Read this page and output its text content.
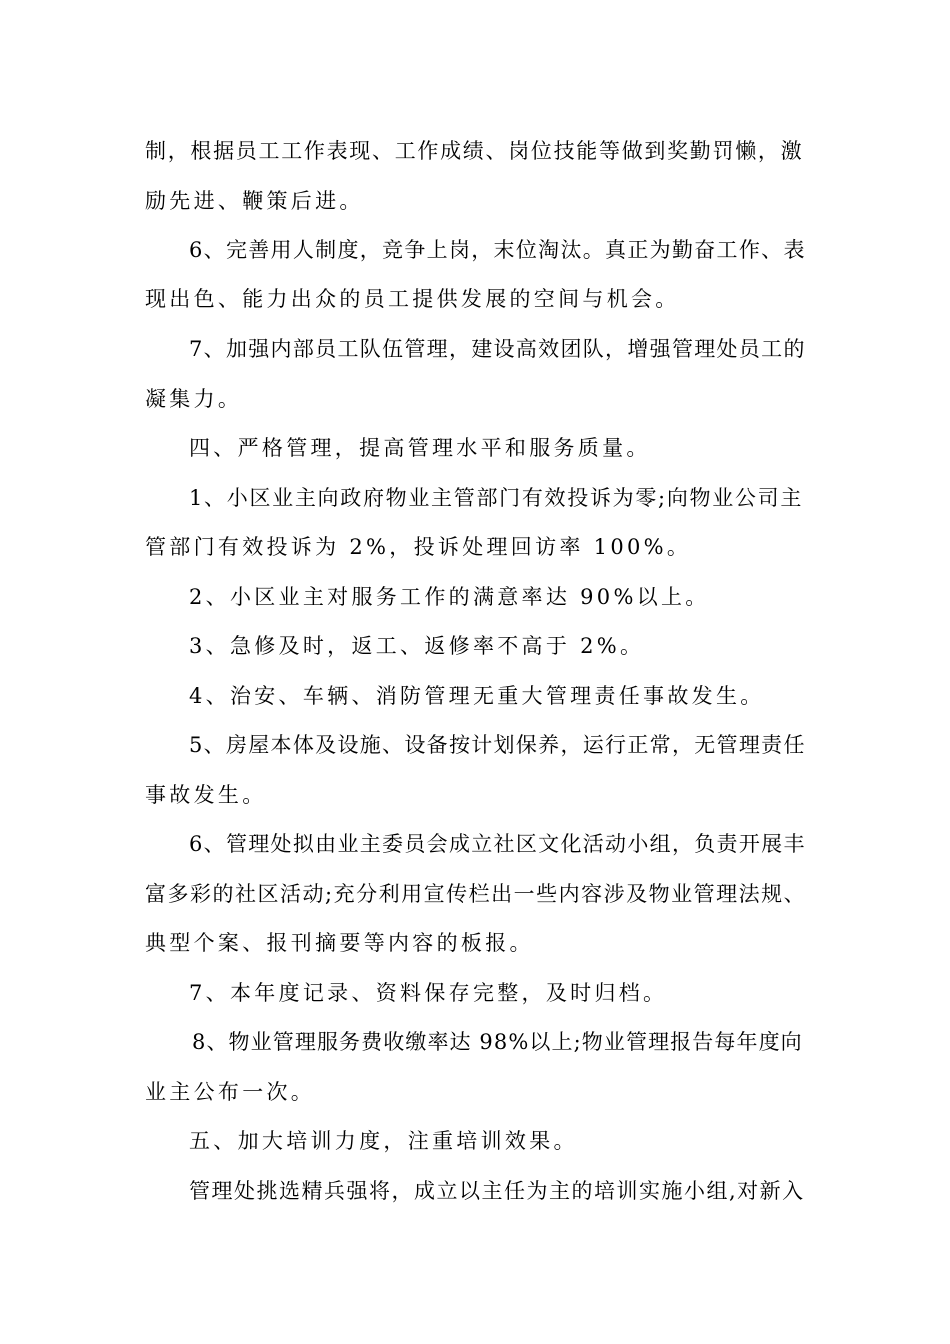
制，根据员工工作表现、工作成绩、岗位技能等做到奖勤罚懒，激
励先进、鞭策后进。
6、完善用人制度，竞争上岗，末位淘汰。真正为勤奋工作、表
现出色、能力出众的员工提供发展的空间与机会。
7、加强内部员工队伍管理，建设高效团队，增强管理处员工的
凝集力。
四、严格管理，提高管理水平和服务质量。
1、小区业主向政府物业主管部门有效投诉为零;向物业公司主
管部门有效投诉为 2%，投诉处理回访率 100%。
2、小区业主对服务工作的满意率达 90%以上。
3、急修及时，返工、返修率不高于 2%。
4、治安、车辆、消防管理无重大管理责任事故发生。
5、房屋本体及设施、设备按计划保养，运行正常，无管理责任
事故发生。
6、管理处拟由业主委员会成立社区文化活动小组，负责开展丰
富多彩的社区活动;充分利用宣传栏出一些内容涉及物业管理法规、
典型个案、报刊摘要等内容的板报。
7、本年度记录、资料保存完整，及时归档。
8、物业管理服务费收缴率达 98%以上;物业管理报告每年度向
业主公布一次。
五、加大培训力度，注重培训效果。
管理处挑选精兵强将，成立以主任为主的培训实施小组,对新入
